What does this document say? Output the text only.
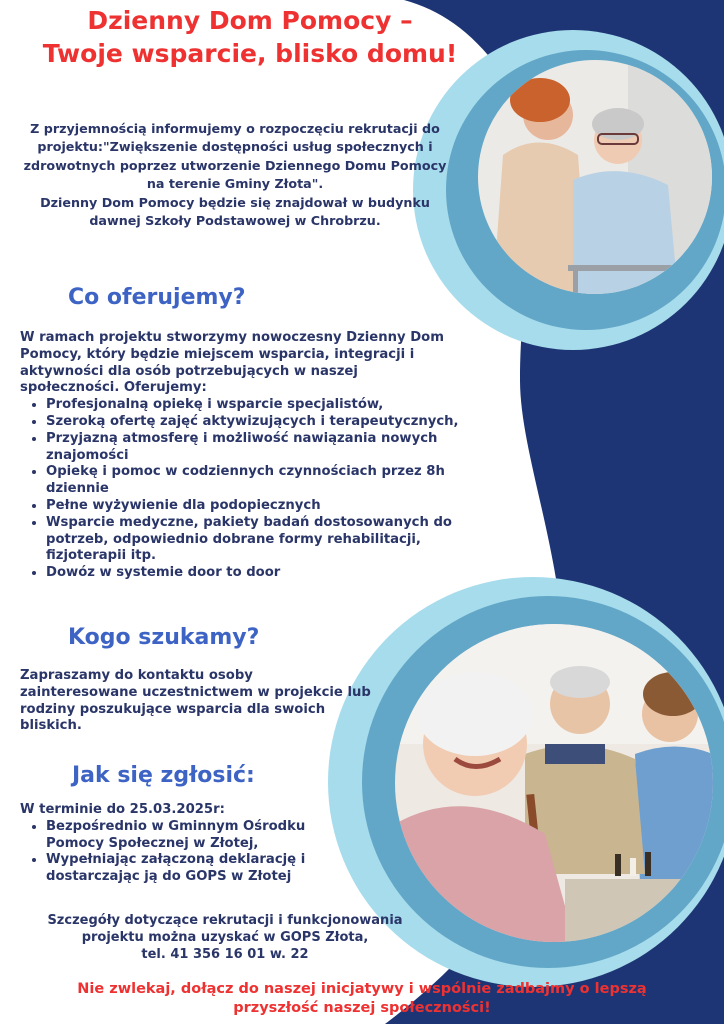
Dzienny Dom Pomocy –
Twoje wsparcie, blisko domu!

Z przyjemnością informujemy o rozpoczęciu rekrutacji do projektu:"Zwiększenie dostępności usług społecznych i zdrowotnych poprzez utworzenie Dziennego Domu Pomocy na terenie Gminy Złota".

Dzienny Dom Pomocy będzie się znajdował w budynku dawnej Szkoły Podstawowej w Chrobrzu.

Co oferujemy?

W ramach projektu stworzymy nowoczesny Dzienny Dom Pomocy, który będzie miejscem wsparcia, integracji i aktywności dla osób potrzebujących w naszej społeczności. Oferujemy:

• Profesjonalną opiekę i wsparcie specjalistów,
• Szeroką ofertę zajęć aktywizujących i terapeutycznych,
• Przyjazną atmosferę i możliwość nawiązania nowych znajomości
• Opiekę i pomoc w codziennych czynnościach przez 8h dziennie
• Pełne wyżywienie dla podopiecznych
• Wsparcie medyczne, pakiety badań dostosowanych do potrzeb, odpowiednio dobrane formy rehabilitacji, fizjoterapii itp.
• Dowóz w systemie door to door
Kogo szukamy?

Zapraszamy do kontaktu osoby zainteresowane uczestnictwem w projekcie lub rodziny poszukujące wsparcia dla swoich bliskich.

Jak się zgłosić:

W terminie do 25.03.2025r:

• Bezpośrednio w Gminnym Ośrodku Pomocy Społecznej w Złotej,
• Wypełniając załączoną deklarację i dostarczając ją do GOPS w Złotej

Szczegóły dotyczące rekrutacji i funkcjonowania

projektu można uzyskać w GOPS Złota,

tel. 41 356 16 01 w. 22

Nie zwlekaj, dołącz do naszej inicjatywy i wspólnie zadbajmy o lepszą

przyszłość naszej społeczności!
